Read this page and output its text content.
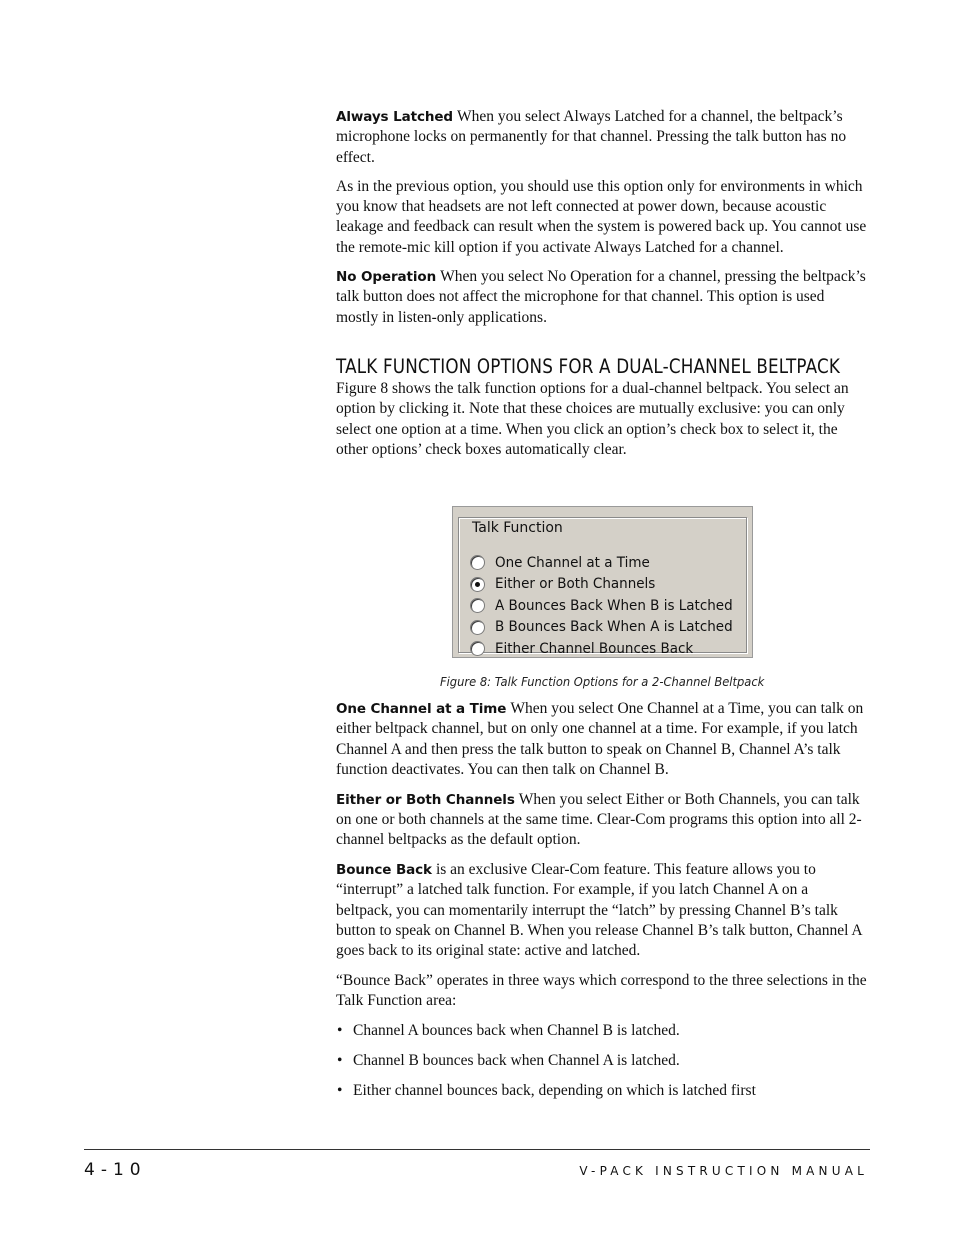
Always Latched When you select Always Latched for a channel, the beltpack’s microphone locks on permanently for that channel. Pressing the talk button has no effect.

As in the previous option, you should use this option only for environments in which you know that headsets are not left connected at power down, because acoustic leakage and feedback can result when the system is powered back up. You cannot use the remote-mic kill option if you activate Always Latched for a channel.

No Operation When you select No Operation for a channel, pressing the beltpack’s talk button does not affect the microphone for that channel. This option is used mostly in listen-only applications.

TALK FUNCTION OPTIONS FOR A DUAL-CHANNEL BELTPACK

Figure 8 shows the talk function options for a dual-channel beltpack. You select an option by clicking it. Note that these choices are mutually exclusive: you can only select one option at a time. When you click an option’s check box to select it, the other options’ check boxes automatically clear.

Talk Function
One Channel at a Time
Either or Both Channels
A Bounces Back When B is Latched
B Bounces Back When A is Latched
Either Channel Bounces Back
Figure 8: Talk Function Options for a 2-Channel Beltpack

One Channel at a Time When you select One Channel at a Time, you can talk on either beltpack channel, but on only one channel at a time. For example, if you latch Channel A and then press the talk button to speak on Channel B, Channel A’s talk function deactivates. You can then talk on Channel B.

Either or Both Channels When you select Either or Both Channels, you can talk on one or both channels at the same time. Clear-Com programs this option into all 2-channel beltpacks as the default option.

Bounce Back is an exclusive Clear-Com feature. This feature allows you to “interrupt” a latched talk function. For example, if you latch Channel A on a beltpack, you can momentarily interrupt the “latch” by pressing Channel B’s talk button to speak on Channel B. When you release Channel B’s talk button, Channel A goes back to its original state: active and latched.

“Bounce Back” operates in three ways which correspond to the three selections in the Talk Function area:

• Channel A bounces back when Channel B is latched.
• Channel B bounces back when Channel A is latched.
• Either channel bounces back, depending on which is latched first
4-10	V-PACK INSTRUCTION MANUAL
